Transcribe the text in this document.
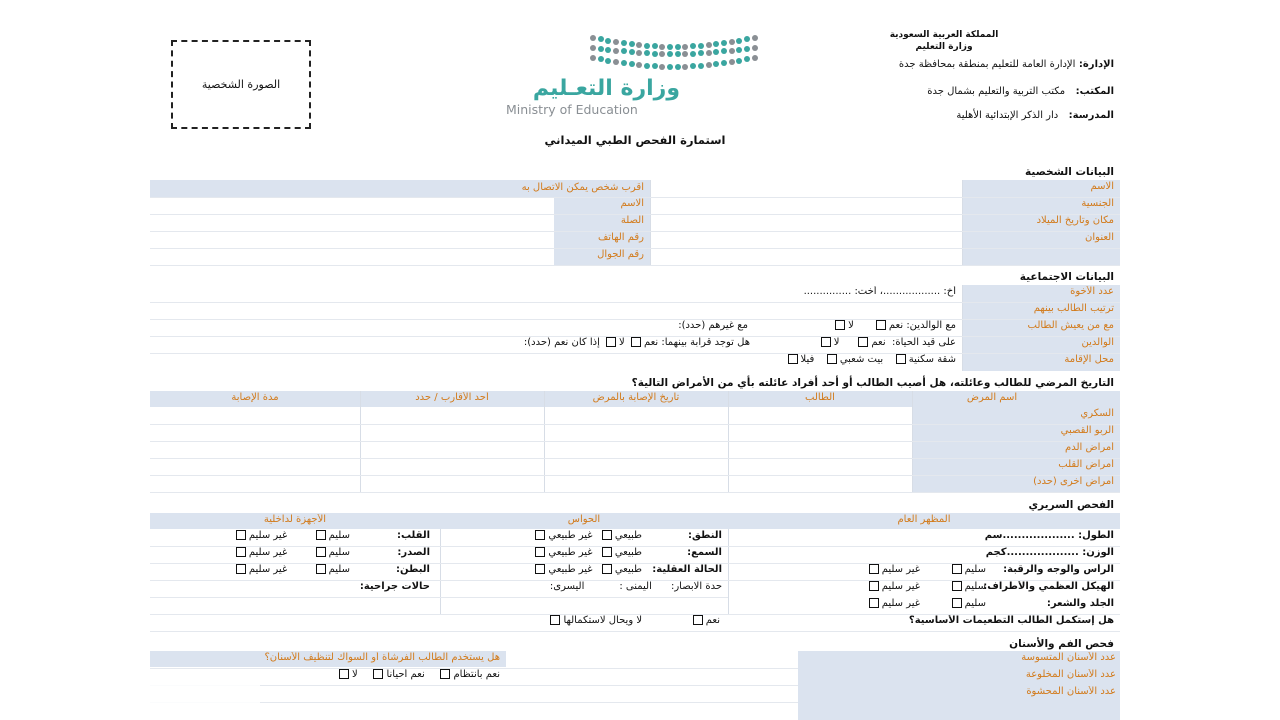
الصورة الشخصية	وزارة التعـليم
Ministry of Education
المملكة العربية السعودية
وزارة التعليم
الإدارة: الإدارة العامة للتعليم بمنطقة بمحافظة جدة
المكتب:   مكتب التربية والتعليم بشمال جدة
المدرسة:   دار الذكر الإبتدائية الأهلية
استمارة الفحص الطبي الميداني
البيانات الشخصية
الاسم
الجنسية
مكان وتاريخ الميلاد
العنوان
الاسم
الصلة
رقم الهاتف
رقم الجوال
أقرب شخص يمكن الاتصال به
البيانات الاجتماعية
عدد الأخوة
أخ: ..................، أخت: ...............
ترتيب الطالب بينهم
مع من يعيش الطالب
مع الوالدين: نعم      لا
مع غيرهم (حدد):
الوالدين
على قيد الحياة:  نعم     لا
هل توجد قرابة بينهما: نعم لا إذا كان نعم (حدد):
محل الإقامة
شقة سكنية   بيت شعبي   فيلا
التاريخ المرضي للطالب وعائلته، هل أصيب الطالب أو أحد أفراد عائلته بأي من الأمراض التالية؟
السكري
الربو القصبي
أمراض الدم
أمراض القلب
أمراض اخرى (حدد)
اسم المرض
الطالب
تاريخ الإصابة بالمرض
أحد الأقارب / حدد
مدة الإصابة
الفحص السريري
المظهر العام
الحواس
الأجهزة لداخلية
الطول: ...................سم
الوزن: ...................كجم
الرأس والوجه والرقبة:
سليم         غير سليم
الهيكل العظمي والأطراف:
سليم         غير سليم
الجلد والشعر:
سليم         غير سليم
النطق:
طبيعي  غير طبيعي
السمع:
طبيعي  غير طبيعي
الحالة العقلية:
طبيعي  غير طبيعي
القلب:
سليم        غير سليم
الصدر:
سليم        غير سليم
البطن:
سليم        غير سليم
حدة الابصار:      اليمنى :           اليسرى:
حالات جراحية:
هل إستكمل الطالب التطعيمات الأساسية؟
نعم               لا ويحال لاستكمالها
فحص الفم والأسنان
عدد الأسنان المتسوسة
عدد الأسنان المخلوعة
عدد الأسنان المحشوة
هل يستخدم الطالب الفرشاة أو السواك لتنظيف الأسنان؟
نعم بانتظام    نعم أحياناً    لا
